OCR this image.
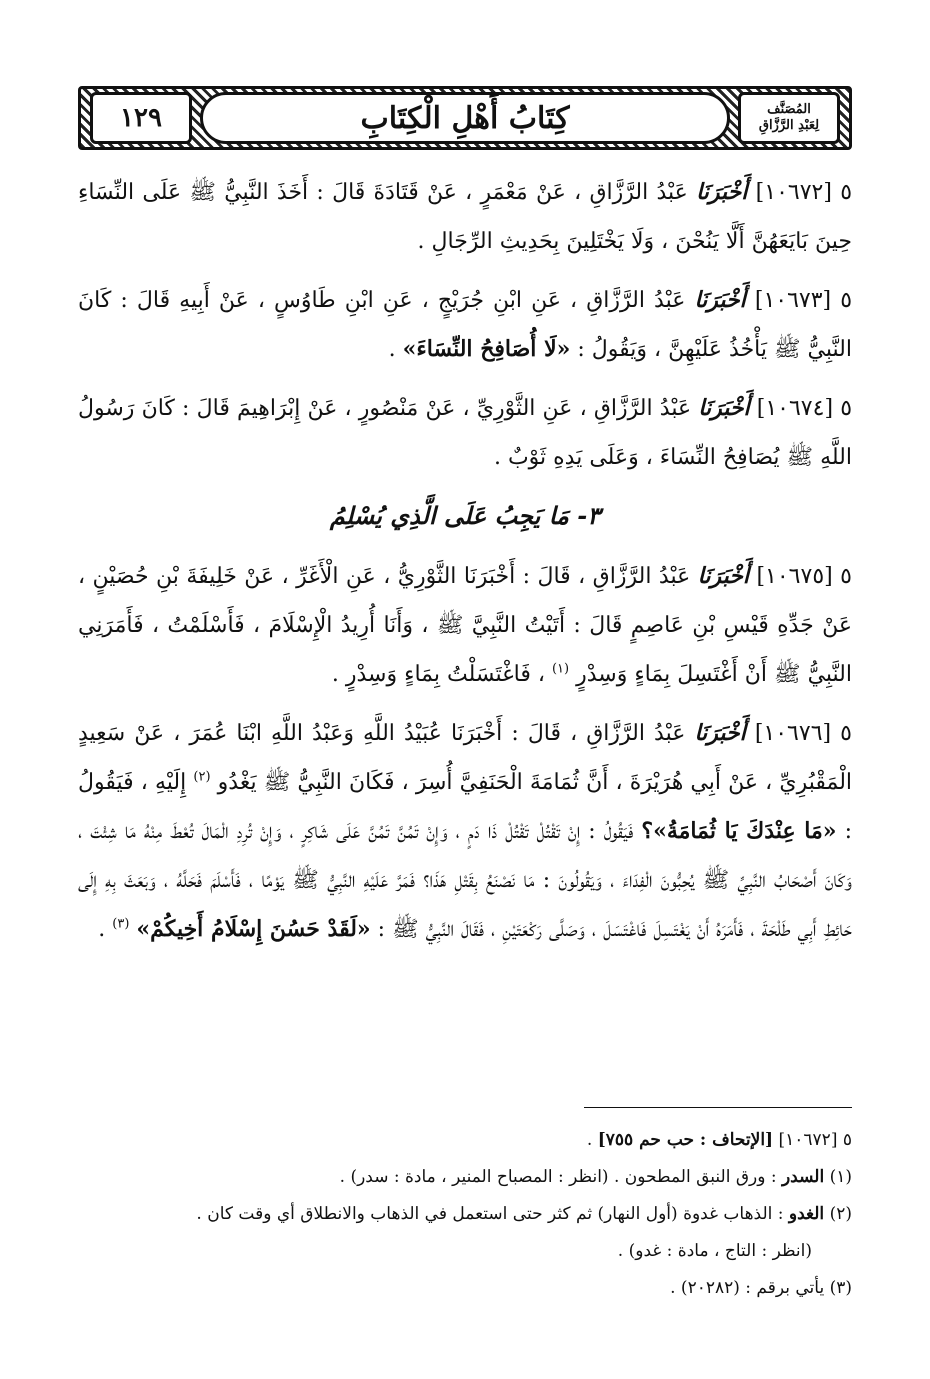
المُصَنَّف
لِعَبْدِ الرَّزَّاقِ
كِتَابُ أَهْلِ الْكِتَابِ
١٢٩

٥ [١٠٦٧٢] أَخْبَرَنَا عَبْدُ الرَّزَّاقِ ، عَنْ مَعْمَرٍ ، عَنْ قَتَادَةَ قَالَ : أَخَذَ النَّبِيُّ ﷺ عَلَى النِّسَاءِ حِينَ بَايَعَهُنَّ أَلَّا يَنُحْنَ ، وَلَا يَخْتَلِينَ بِحَدِيثِ الرِّجَالِ .

٥ [١٠٦٧٣] أَخْبَرَنَا عَبْدُ الرَّزَّاقِ ، عَنِ ابْنِ جُرَيْجٍ ، عَنِ ابْنِ طَاوُسٍ ، عَنْ أَبِيهِ قَالَ : كَانَ النَّبِيُّ ﷺ يَأْخُذُ عَلَيْهِنَّ ، وَيَقُولُ : «لَا أُصَافِحُ النِّسَاءَ» .

٥ [١٠٦٧٤] أَخْبَرَنَا عَبْدُ الرَّزَّاقِ ، عَنِ الثَّوْرِيِّ ، عَنْ مَنْصُورٍ ، عَنْ إِبْرَاهِيمَ قَالَ : كَانَ رَسُولُ اللَّهِ ﷺ يُصَافِحُ النِّسَاءَ ، وَعَلَى يَدِهِ ثَوْبٌ .

٣- مَا يَجِبُ عَلَى الَّذِي يُسْلِمُ

٥ [١٠٦٧٥] أَخْبَرَنَا عَبْدُ الرَّزَّاقِ ، قَالَ : أَخْبَرَنَا الثَّوْرِيُّ ، عَنِ الْأَغَرِّ ، عَنْ خَلِيفَةَ بْنِ حُصَيْنٍ ، عَنْ جَدِّهِ قَيْسِ بْنِ عَاصِمٍ قَالَ : أَتَيْتُ النَّبِيَّ ﷺ ، وَأَنَا أُرِيدُ الْإِسْلَامَ ، فَأَسْلَمْتُ ، فَأَمَرَنِي النَّبِيُّ ﷺ أَنْ أَغْتَسِلَ بِمَاءٍ وَسِدْرٍ $^{(١)}$ ، فَاغْتَسَلْتُ بِمَاءٍ وَسِدْرٍ .

٥ [١٠٦٧٦] أَخْبَرَنَا عَبْدُ الرَّزَّاقِ ، قَالَ : أَخْبَرَنَا عُبَيْدُ اللَّهِ وَعَبْدُ اللَّهِ ابْنَا عُمَرَ ، عَنْ سَعِيدٍ الْمَقْبُرِيِّ ، عَنْ أَبِي هُرَيْرَةَ ، أَنَّ ثُمَامَةَ الْحَنَفِيَّ أُسِرَ ، فَكَانَ النَّبِيُّ ﷺ يَغْدُو $^{(٢)}$ إِلَيْهِ ، فَيَقُولُ : «مَا عِنْدَكَ يَا ثُمَامَةُ»؟ فَيَقُولُ : إِنْ تَقْتُلْ تَقْتُلْ ذَا دَمٍ ، وَإِنْ تَمُنَّ تَمُنَّ عَلَى شَاكِرٍ ، وَإِنْ تُرِدِ الْمَالَ تُعْطَ مِنْهُ مَا شِئْتَ ، وَكَانَ أَصْحَابُ النَّبِيِّ ﷺ يُحِبُّونَ الْفِدَاءَ ، وَيَقُولُونَ : مَا نَصْنَعُ بِقَتْلِ هَذَا؟ فَمَرَّ عَلَيْهِ النَّبِيُّ ﷺ يَوْمًا ، فَأَسْلَمَ فَحَلَّهُ ، وَبَعَثَ بِهِ إِلَى حَائِطِ أَبِي طَلْحَةَ ، فَأَمَرَهُ أَنْ يَغْتَسِلَ فَاغْتَسَلَ ، وَصَلَّى رَكْعَتَيْنِ ، فَقَالَ النَّبِيُّ ﷺ : «لَقَدْ حَسُنَ إِسْلَامُ أَخِيكُمْ» $^{(٣)}$ .

٥ [١٠٦٧٢] [الإتحاف : حب حم ٧٥٥] .

(١) السدر : ورق النبق المطحون . (انظر : المصباح المنير ، مادة : سدر) .

(٢) الغدو : الذهاب غدوة (أول النهار) ثم كثر حتى استعمل في الذهاب والانطلاق أي وقت كان .

(انظر : التاج ، مادة : غدو) .

(٣) يأتي برقم : (٢٠٢٨٢) .
